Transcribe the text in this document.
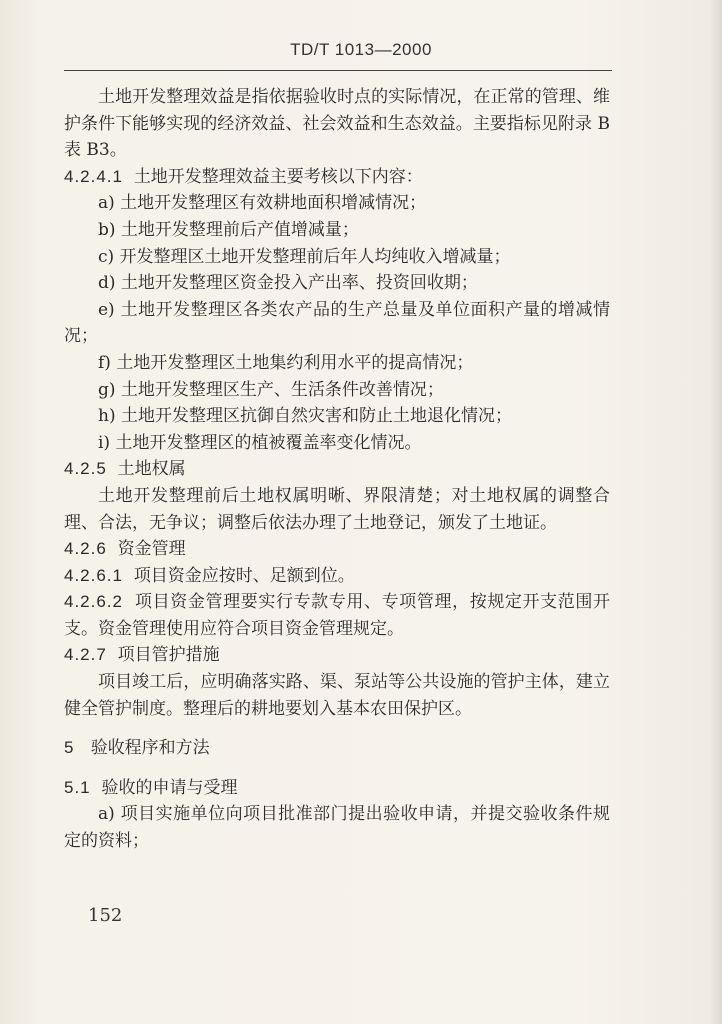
TD/T 1013—2000

土地开发整理效益是指依据验收时点的实际情况，在正常的管理、维护条件下能够实现的经济效益、社会效益和生态效益。主要指标见附录 B 表 B3。

4.2.4.1 土地开发整理效益主要考核以下内容：

a) 土地开发整理区有效耕地面积增减情况；

b) 土地开发整理前后产值增减量；

c) 开发整理区土地开发整理前后年人均纯收入增减量；

d) 土地开发整理区资金投入产出率、投资回收期；

e) 土地开发整理区各类农产品的生产总量及单位面积产量的增减情况；

f) 土地开发整理区土地集约利用水平的提高情况；

g) 土地开发整理区生产、生活条件改善情况；

h) 土地开发整理区抗御自然灾害和防止土地退化情况；

i) 土地开发整理区的植被覆盖率变化情况。

4.2.5 土地权属

土地开发整理前后土地权属明晰、界限清楚；对土地权属的调整合理、合法，无争议；调整后依法办理了土地登记，颁发了土地证。

4.2.6 资金管理

4.2.6.1 项目资金应按时、足额到位。

4.2.6.2 项目资金管理要实行专款专用、专项管理，按规定开支范围开支。资金管理使用应符合项目资金管理规定。

4.2.7 项目管护措施

项目竣工后，应明确落实路、渠、泵站等公共设施的管护主体，建立健全管护制度。整理后的耕地要划入基本农田保护区。

5 验收程序和方法

5.1 验收的申请与受理

a) 项目实施单位向项目批准部门提出验收申请，并提交验收条件规定的资料；

152
